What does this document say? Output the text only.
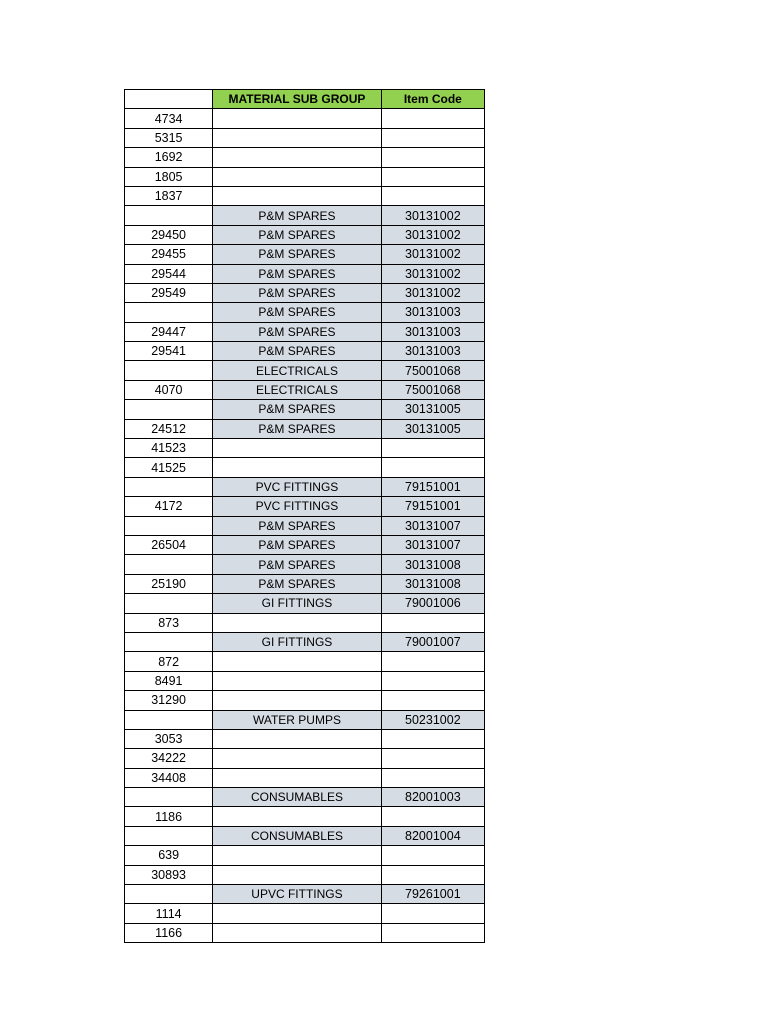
	MATERIAL SUB GROUP	Item Code
4734		
5315		
1692		
1805		
1837		
	P&M SPARES	30131002
29450	P&M SPARES	30131002
29455	P&M SPARES	30131002
29544	P&M SPARES	30131002
29549	P&M SPARES	30131002
	P&M SPARES	30131003
29447	P&M SPARES	30131003
29541	P&M SPARES	30131003
	ELECTRICALS	75001068
4070	ELECTRICALS	75001068
	P&M SPARES	30131005
24512	P&M SPARES	30131005
41523		
41525		
	PVC FITTINGS	79151001
4172	PVC FITTINGS	79151001
	P&M SPARES	30131007
26504	P&M SPARES	30131007
	P&M SPARES	30131008
25190	P&M SPARES	30131008
	GI FITTINGS	79001006
873		
	GI FITTINGS	79001007
872		
8491		
31290		
	WATER PUMPS	50231002
3053		
34222		
34408		
	CONSUMABLES	82001003
1186		
	CONSUMABLES	82001004
639		
30893		
	UPVC FITTINGS	79261001
1114		
1166		
